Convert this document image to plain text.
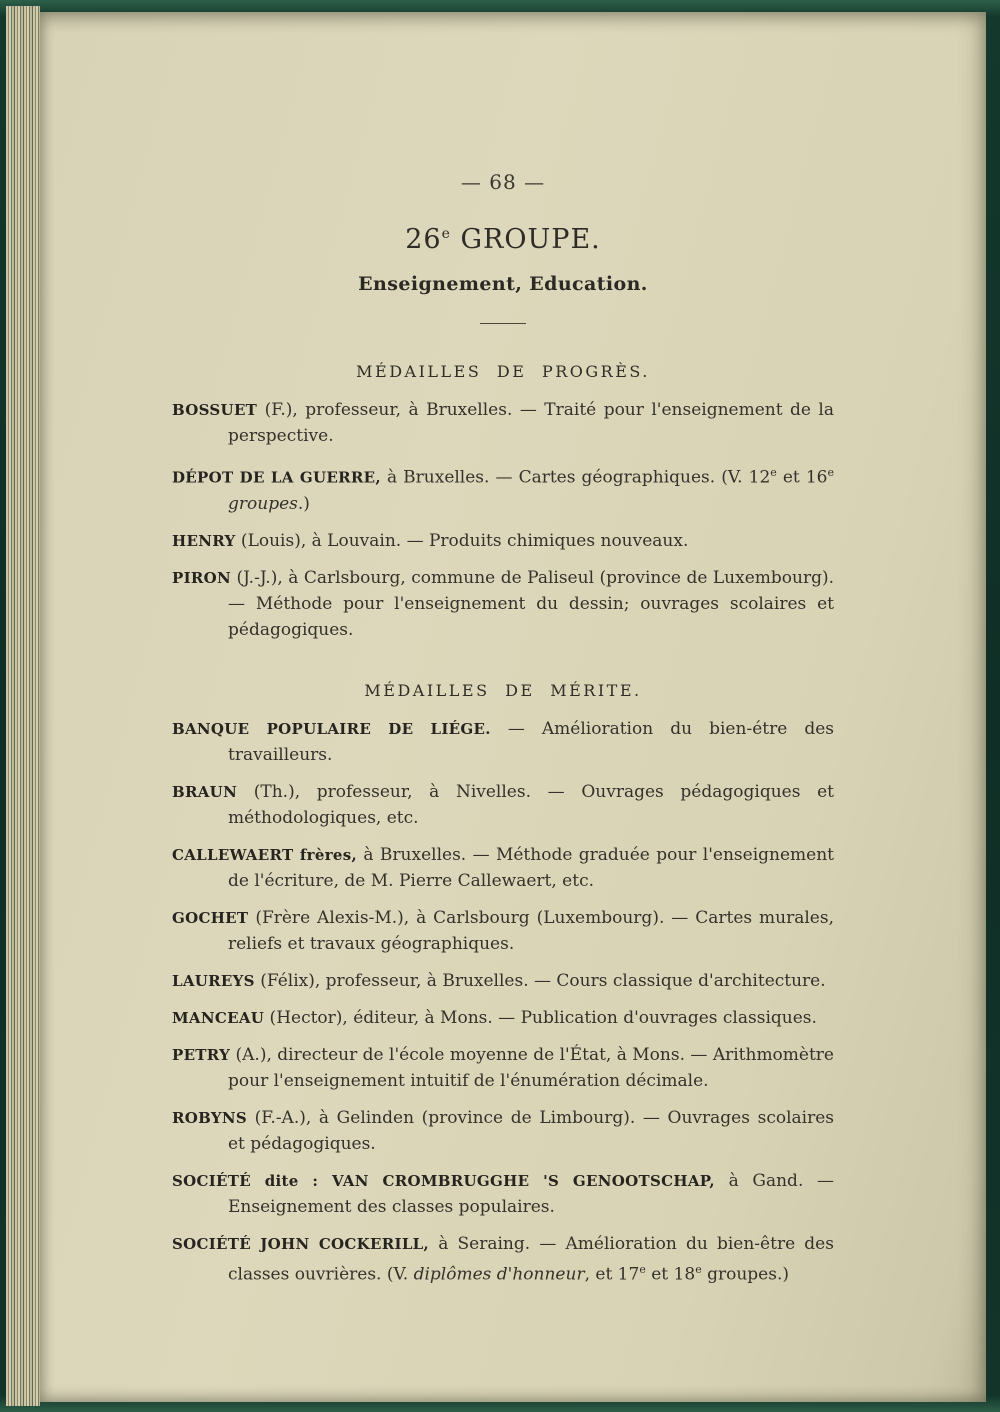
— 68 —
26e GROUPE.
Enseignement, Education.
MÉDAILLES DE PROGRÈS.

BOSSUET (F.), professeur, à Bruxelles. — Traité pour l'enseignement de la perspective.

DÉPOT DE LA GUERRE, à Bruxelles. — Cartes géographiques. (V. 12e et 16e groupes.)

HENRY (Louis), à Louvain. — Produits chimiques nouveaux.

PIRON (J.-J.), à Carlsbourg, commune de Paliseul (province de Luxembourg). — Méthode pour l'enseignement du dessin; ouvrages scolaires et pédagogiques.

MÉDAILLES DE MÉRITE.

BANQUE POPULAIRE DE LIÉGE. — Amélioration du bien-étre des travailleurs.

BRAUN (Th.), professeur, à Nivelles. — Ouvrages pédagogiques et méthodologiques, etc.

CALLEWAERT frères, à Bruxelles. — Méthode graduée pour l'enseignement de l'écriture, de M. Pierre Callewaert, etc.

GOCHET (Frère Alexis-M.), à Carlsbourg (Luxembourg). — Cartes murales, reliefs et travaux géographiques.

LAUREYS (Félix), professeur, à Bruxelles. — Cours classique d'architecture.

MANCEAU (Hector), éditeur, à Mons. — Publication d'ouvrages classiques.

PETRY (A.), directeur de l'école moyenne de l'État, à Mons. — Arithmomètre pour l'enseignement intuitif de l'énumération décimale.

ROBYNS (F.-A.), à Gelinden (province de Limbourg). — Ouvrages scolaires et pédagogiques.

SOCIÉTÉ dite : VAN CROMBRUGGHE 'S GENOOTSCHAP, à Gand. — Enseignement des classes populaires.

SOCIÉTÉ JOHN COCKERILL, à Seraing. — Amélioration du bien-être des classes ouvrières. (V. diplômes d'honneur, et 17e et 18e groupes.)
